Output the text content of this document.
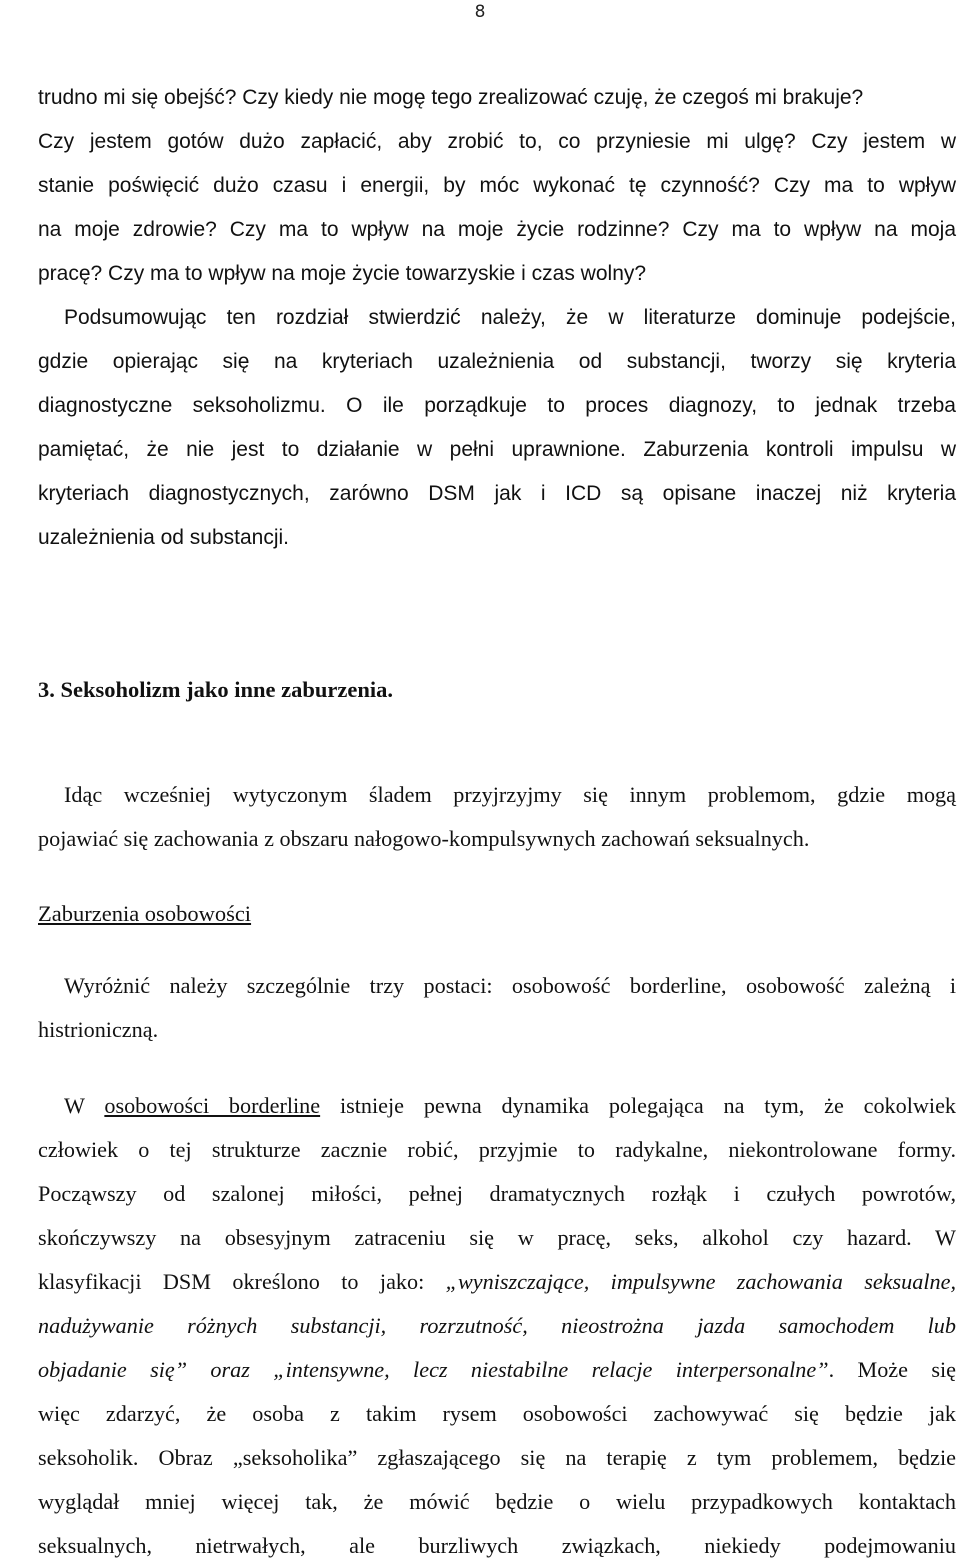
8
trudno mi się obejść? Czy kiedy nie mogę tego zrealizować czuję, że czegoś mi brakuje?
Czy jestem gotów dużo zapłacić, aby zrobić to, co przyniesie mi ulgę? Czy jestem w
stanie poświęcić dużo czasu i energii, by móc wykonać tę czynność? Czy ma to wpływ
na moje zdrowie? Czy ma to wpływ na moje życie rodzinne? Czy ma to wpływ na moja
pracę? Czy ma to wpływ na moje życie towarzyskie i czas wolny?
Podsumowując ten rozdział stwierdzić należy, że w literaturze dominuje podejście,
gdzie opierając się na kryteriach uzależnienia od substancji, tworzy się kryteria
diagnostyczne seksoholizmu. O ile porządkuje to proces diagnozy, to jednak trzeba
pamiętać, że nie jest to działanie w pełni uprawnione. Zaburzenia kontroli impulsu w
kryteriach diagnostycznych, zarówno DSM jak i ICD są opisane inaczej niż kryteria
uzależnienia od substancji.
3. Seksoholizm jako inne zaburzenia.
Idąc wcześniej wytyczonym śladem przyjrzyjmy się innym problemom, gdzie mogą
pojawiać się zachowania z obszaru nałogowo-kompulsywnych zachowań seksualnych.
Zaburzenia osobowości
Wyróżnić należy szczególnie trzy postaci: osobowość borderline, osobowość zależną i
histrioniczną.
W osobowości borderline istnieje pewna dynamika polegająca na tym, że cokolwiek
człowiek o tej strukturze zacznie robić, przyjmie to radykalne, niekontrolowane formy.
Począwszy od szalonej miłości, pełnej dramatycznych rozłąk i czułych powrotów,
skończywszy na obsesyjnym zatraceniu się w pracę, seks, alkohol czy hazard. W
klasyfikacji DSM określono to jako: „wyniszczające, impulsywne zachowania seksualne,
nadużywanie różnych substancji, rozrzutność, nieostrożna jazda samochodem lub
objadanie się” oraz „intensywne, lecz niestabilne relacje interpersonalne”. Może się
więc zdarzyć, że osoba z takim rysem osobowości zachowywać się będzie jak
seksoholik. Obraz „seksoholika” zgłaszającego się na terapię z tym problemem, będzie
wyglądał mniej więcej tak, że mówić będzie o wielu przypadkowych kontaktach
seksualnych, nietrwałych, ale burzliwych związkach, niekiedy podejmowaniu
